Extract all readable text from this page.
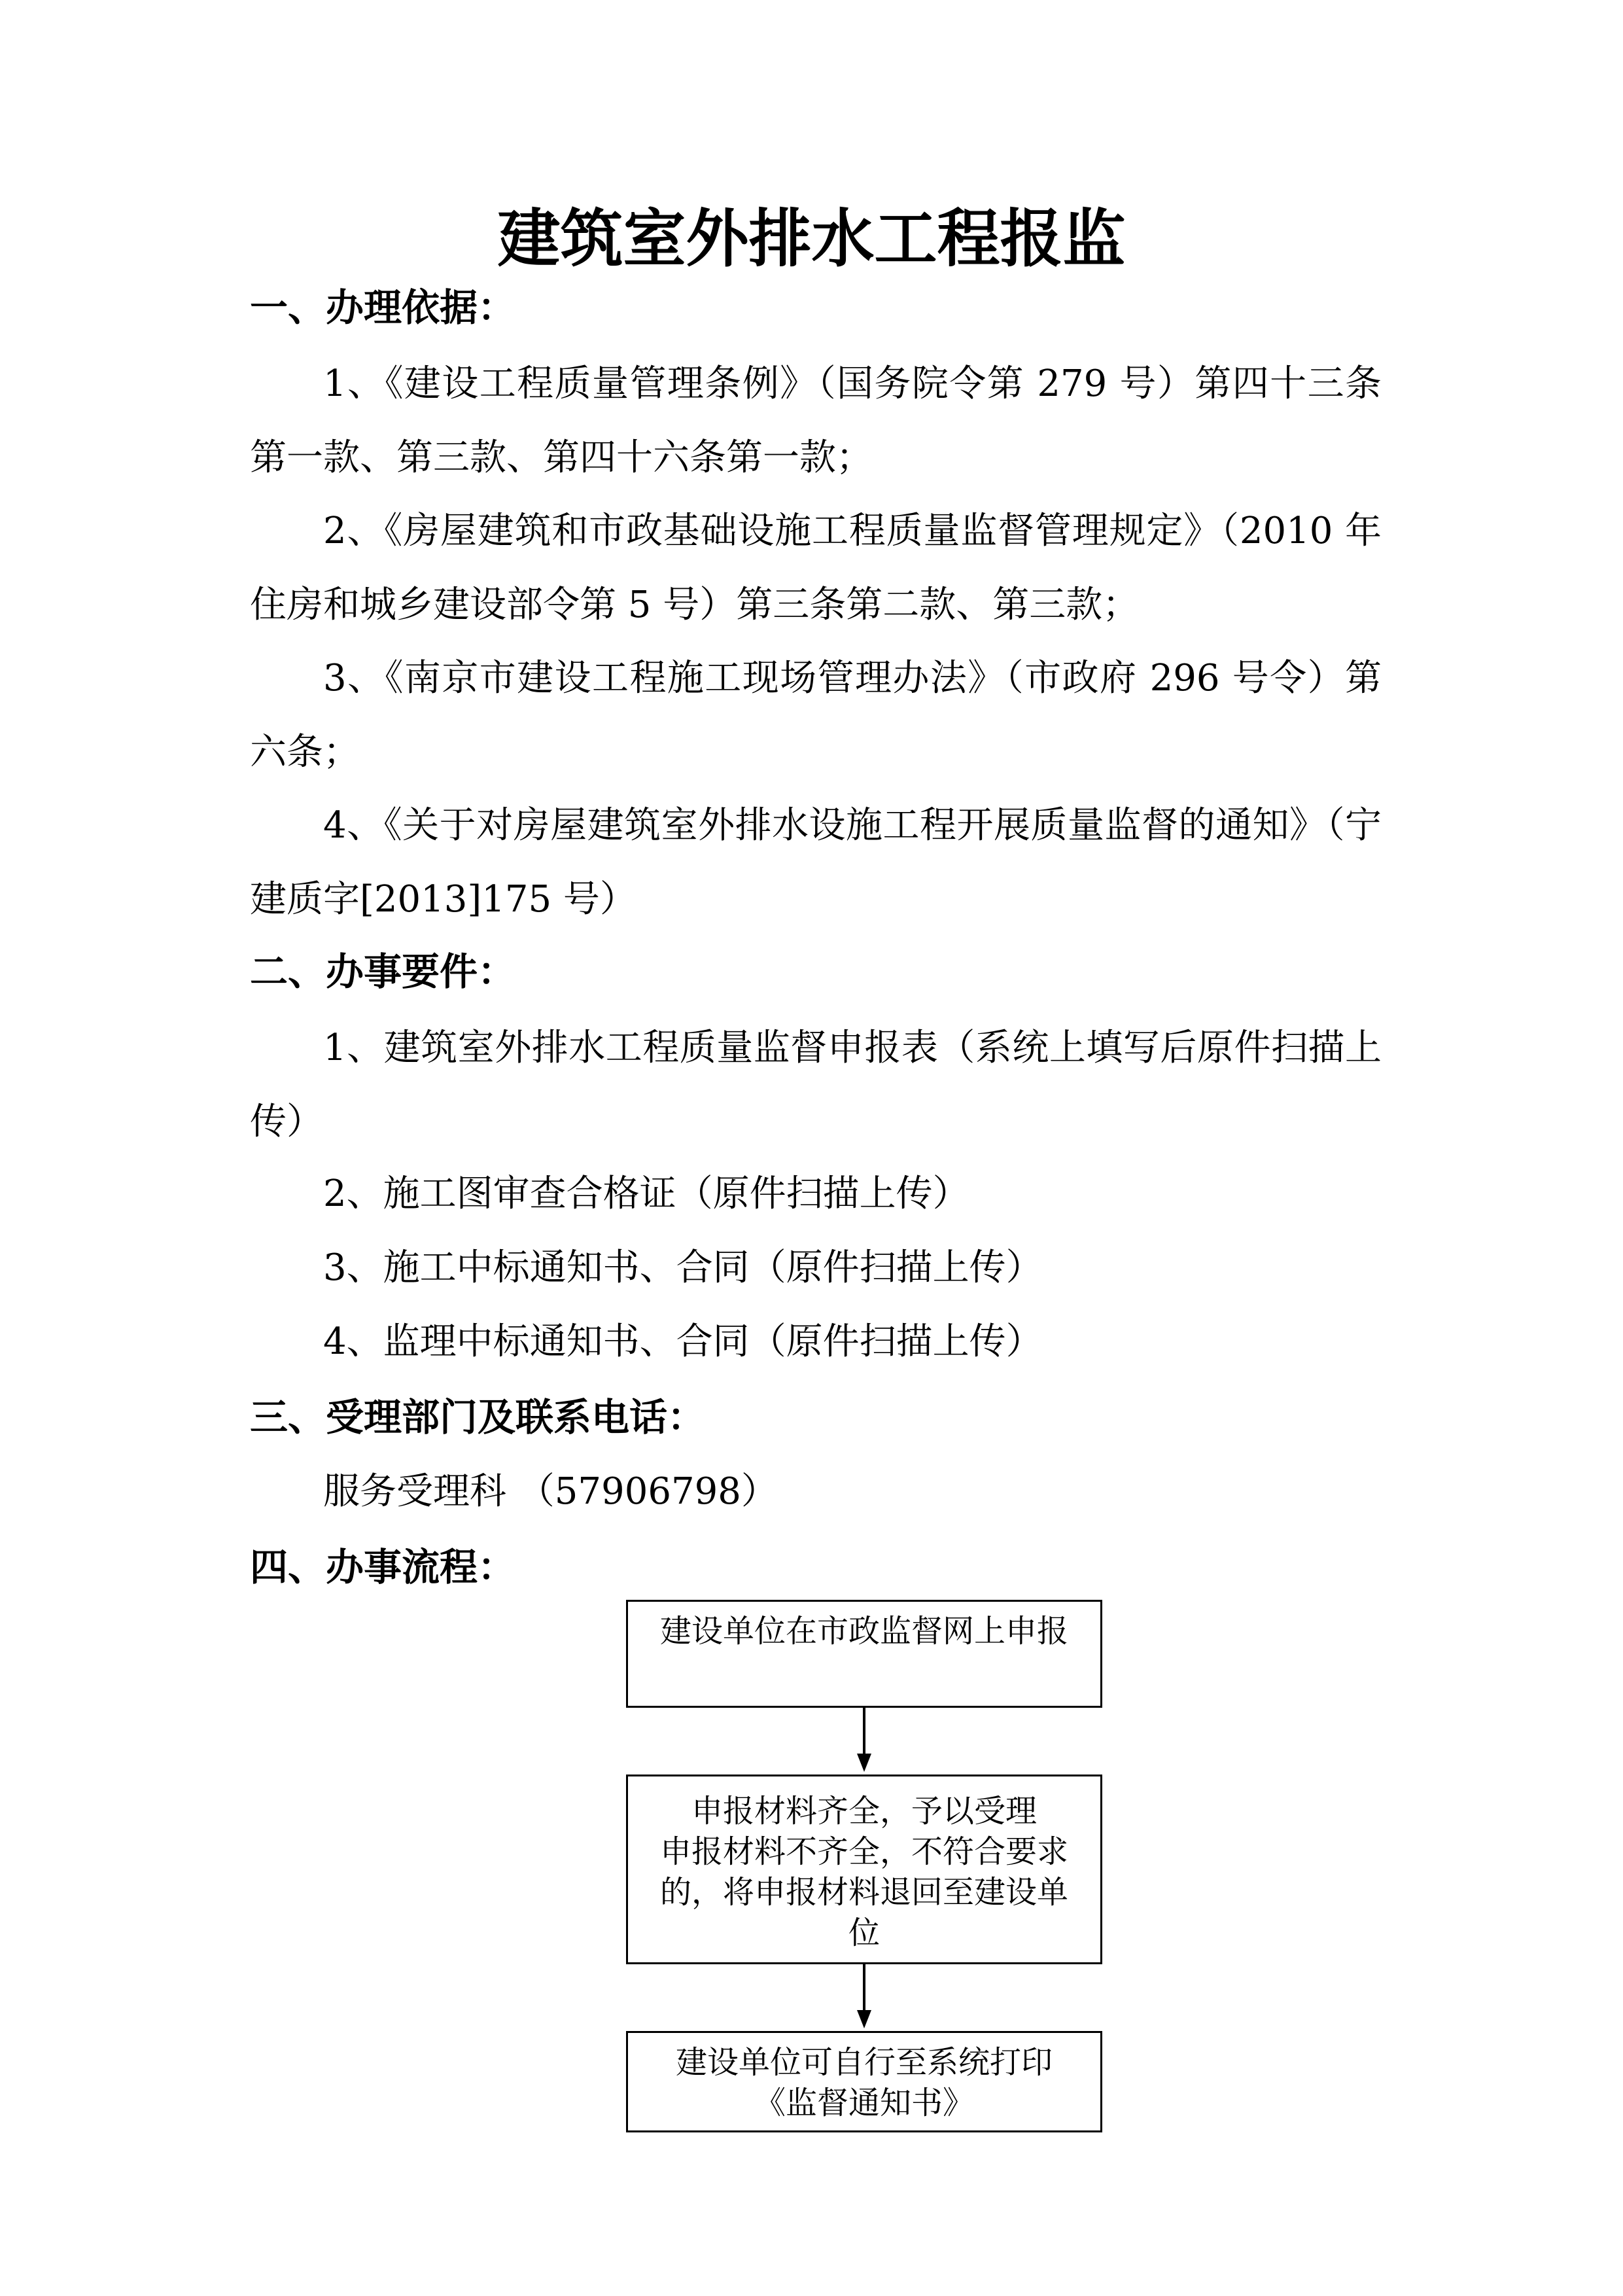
建筑室外排水工程报监
一、办理依据：
1、《建设工程质量管理条例》（国务院令第 279 号）第四十三条第一款、第三款、第四十六条第一款；
2、《房屋建筑和市政基础设施工程质量监督管理规定》（2010 年住房和城乡建设部令第 5 号）第三条第二款、第三款；
3、《南京市建设工程施工现场管理办法》（市政府 296 号令）第六条；
4、《关于对房屋建筑室外排水设施工程开展质量监督的通知》（宁建质字[2013]175 号）
二、办事要件：
1、建筑室外排水工程质量监督申报表（系统上填写后原件扫描上传）
2、施工图审查合格证（原件扫描上传）
3、施工中标通知书、合同（原件扫描上传）
4、监理中标通知书、合同（原件扫描上传）
三、受理部门及联系电话：
服务受理科 （57906798）
四、办事流程：
建设单位在市政监督网上申报
申报材料齐全，予以受理
申报材料不齐全，不符合要求
的，将申报材料退回至建设单
位
建设单位可自行至系统打印
《监督通知书》
